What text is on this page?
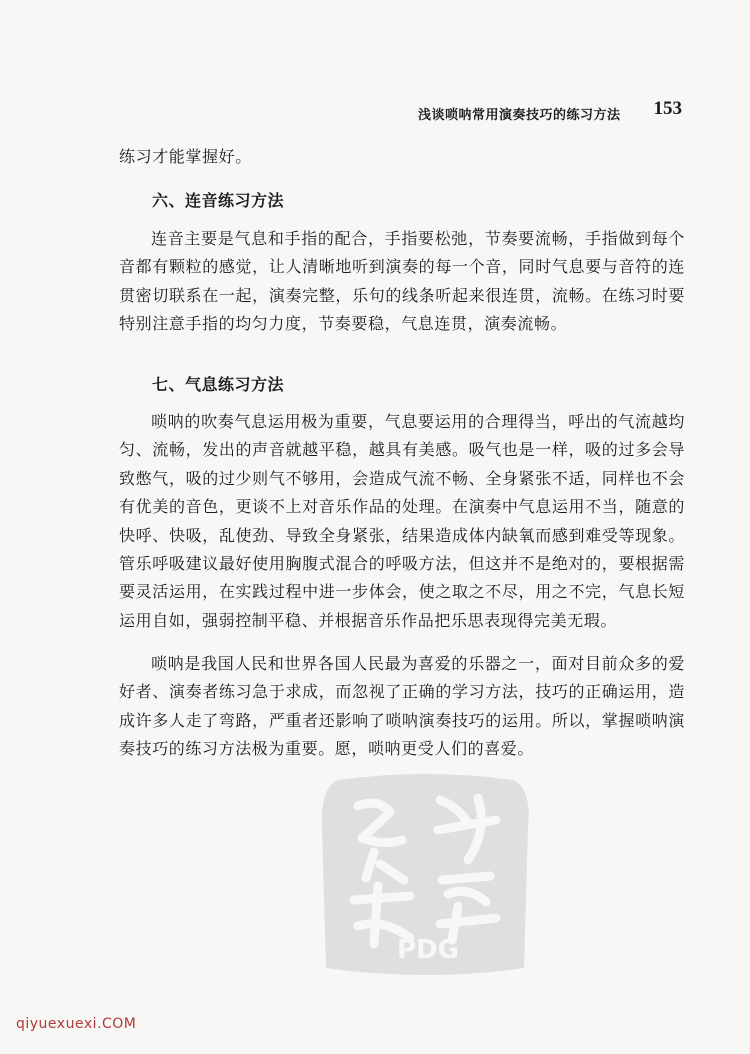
浅谈唢呐常用演奏技巧的练习方法 153
练习才能掌握好。
六、连音练习方法
连音主要是气息和手指的配合，手指要松弛，节奏要流畅，手指做到每个音都有颗粒的感觉，让人清晰地听到演奏的每一个音，同时气息要与音符的连贯密切联系在一起，演奏完整，乐句的线条听起来很连贯，流畅。在练习时要特别注意手指的均匀力度，节奏要稳，气息连贯，演奏流畅。
七、气息练习方法
唢呐的吹奏气息运用极为重要，气息要运用的合理得当，呼出的气流越均匀、流畅，发出的声音就越平稳，越具有美感。吸气也是一样，吸的过多会导致憋气，吸的过少则气不够用，会造成气流不畅、全身紧张不适，同样也不会有优美的音色，更谈不上对音乐作品的处理。在演奏中气息运用不当，随意的快呼、快吸，乱使劲、导致全身紧张，结果造成体内缺氧而感到难受等现象。管乐呼吸建议最好使用胸腹式混合的呼吸方法，但这并不是绝对的，要根据需要灵活运用，在实践过程中进一步体会，使之取之不尽，用之不完，气息长短运用自如，强弱控制平稳、并根据音乐作品把乐思表现得完美无瑕。
唢呐是我国人民和世界各国人民最为喜爱的乐器之一，面对目前众多的爱好者、演奏者练习急于求成，而忽视了正确的学习方法，技巧的正确运用，造成许多人走了弯路，严重者还影响了唢呐演奏技巧的运用。所以，掌握唢呐演奏技巧的练习方法极为重要。愿，唢呐更受人们的喜爱。
PDG
qiyuexuexi.COM
